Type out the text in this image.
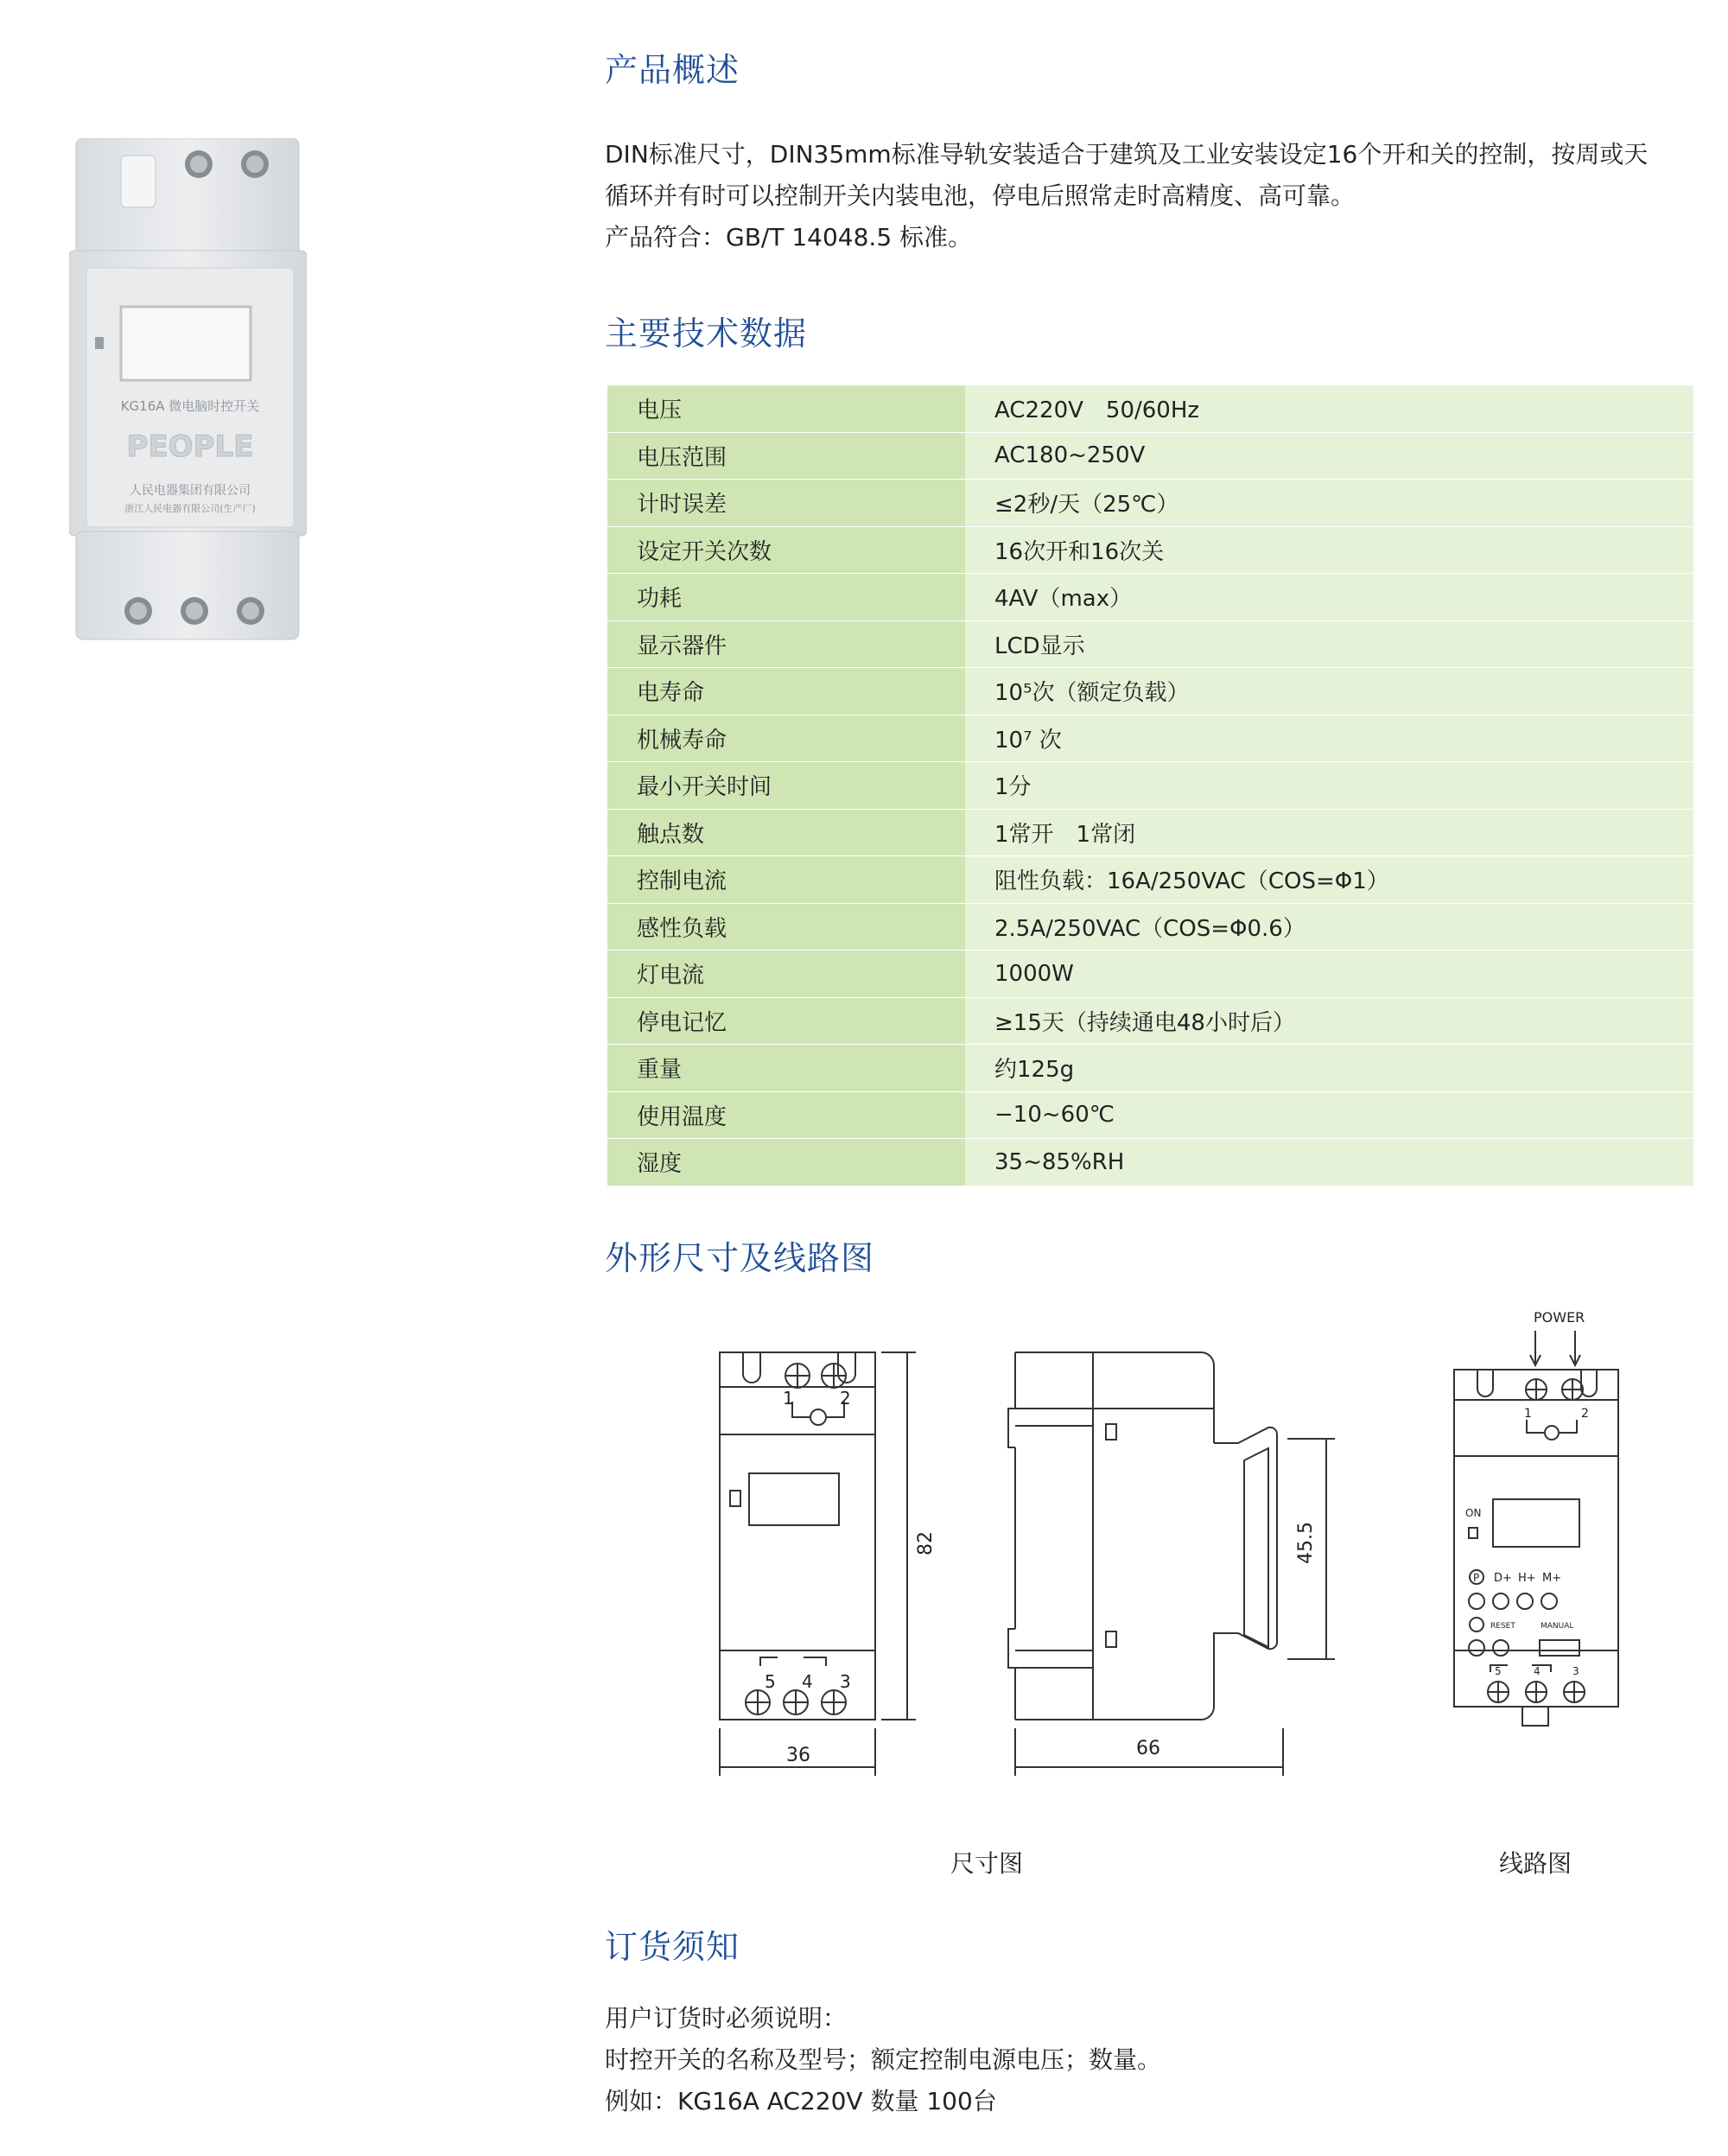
KG16A 微电脑时控开关
PEOPLE
人民电器集团有限公司
浙江人民电器有限公司(生产厂)
产品概述
DIN标准尺寸，DIN35mm标准导轨安装适合于建筑及工业安装设定16个开和关的控制，按周或天
循环并有时可以控制开关内装电池，停电后照常走时高精度、高可靠。
产品符合：GB/T 14048.5 标准。
主要技术数据
电压	AC220V　50/60Hz
电压范围	AC180~250V
计时误差	≤2秒/天（25℃）
设定开关次数	16次开和16次关
功耗	4AV（max）
显示器件	LCD显示
电寿命	10⁵次（额定负载）
机械寿命	10⁷ 次
最小开关时间	1分
触点数	1常开　1常闭
控制电流	阻性负载：16A/250VAC（COS=Φ1）
感性负载	2.5A/250VAC（COS=Φ0.6）
灯电流	1000W
停电记忆	≥15天（持续通电48小时后）
重量	约125g
使用温度	−10~60℃
湿度	35~85%RH
外形尺寸及线路图
1	2
5 4 3
36
82
66
45.5
POWER
1	2
ON
P D+ H+ M+
RESET	MANUAL
5	4	3
尺寸图	线路图
订货须知
用户订货时必须说明：
时控开关的名称及型号；额定控制电源电压；数量。
例如：KG16A AC220V 数量 100台
